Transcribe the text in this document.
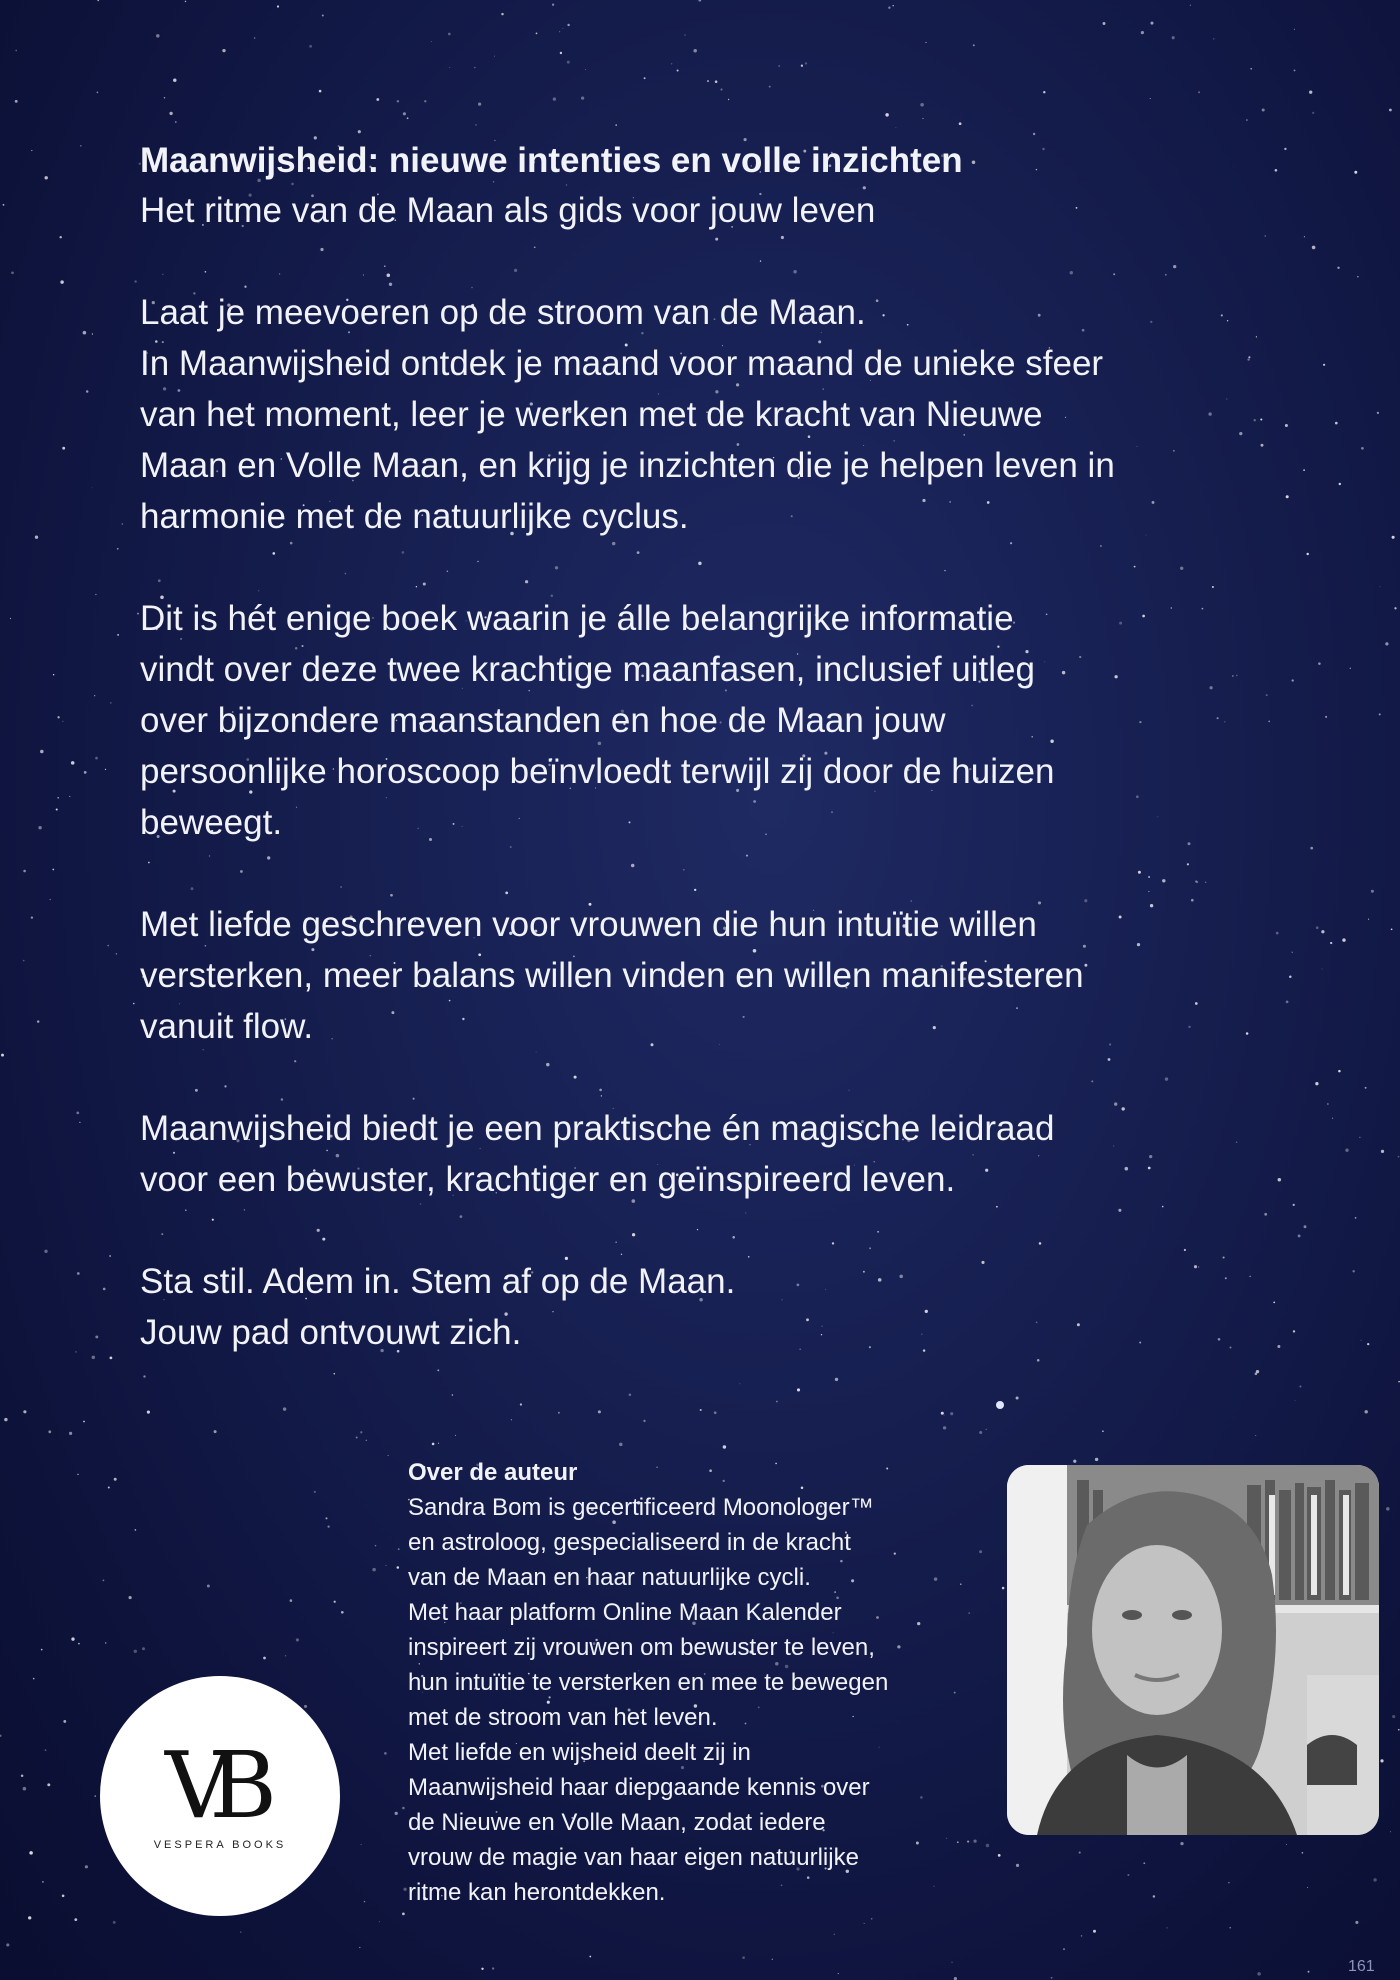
Maanwijsheid: nieuwe intenties en volle inzichten

Het ritme van de Maan als gids voor jouw leven

Laat je meevoeren op de stroom van de Maan.
In Maanwijsheid ontdek je maand voor maand de unieke sfeer
van het moment, leer je werken met de kracht van Nieuwe
Maan en Volle Maan, en krijg je inzichten die je helpen leven in
harmonie met de natuurlijke cyclus.

Dit is hét enige boek waarin je álle belangrijke informatie
vindt over deze twee krachtige maanfasen, inclusief uitleg
over bijzondere maanstanden en hoe de Maan jouw
persoonlijke horoscoop beïnvloedt terwijl zij door de huizen
beweegt.

Met liefde geschreven voor vrouwen die hun intuïtie willen
versterken, meer balans willen vinden en willen manifesteren
vanuit flow.

Maanwijsheid biedt je een praktische én magische leidraad
voor een bewuster, krachtiger en geïnspireerd leven.

Sta stil. Adem in. Stem af op de Maan.
Jouw pad ontvouwt zich.

Over de auteur
Sandra Bom is gecertificeerd Moonologer™
en astroloog, gespecialiseerd in de kracht
van de Maan en haar natuurlijke cycli.
Met haar platform Online Maan Kalender
inspireert zij vrouwen om bewuster te leven,
hun intuïtie te versterken en mee te bewegen
met de stroom van het leven.
Met liefde en wijsheid deelt zij in
Maanwijsheid haar diepgaande kennis over
de Nieuwe en Volle Maan, zodat iedere
vrouw de magie van haar eigen natuurlijke
ritme kan herontdekken.
VB
VESPERA BOOKS
161
